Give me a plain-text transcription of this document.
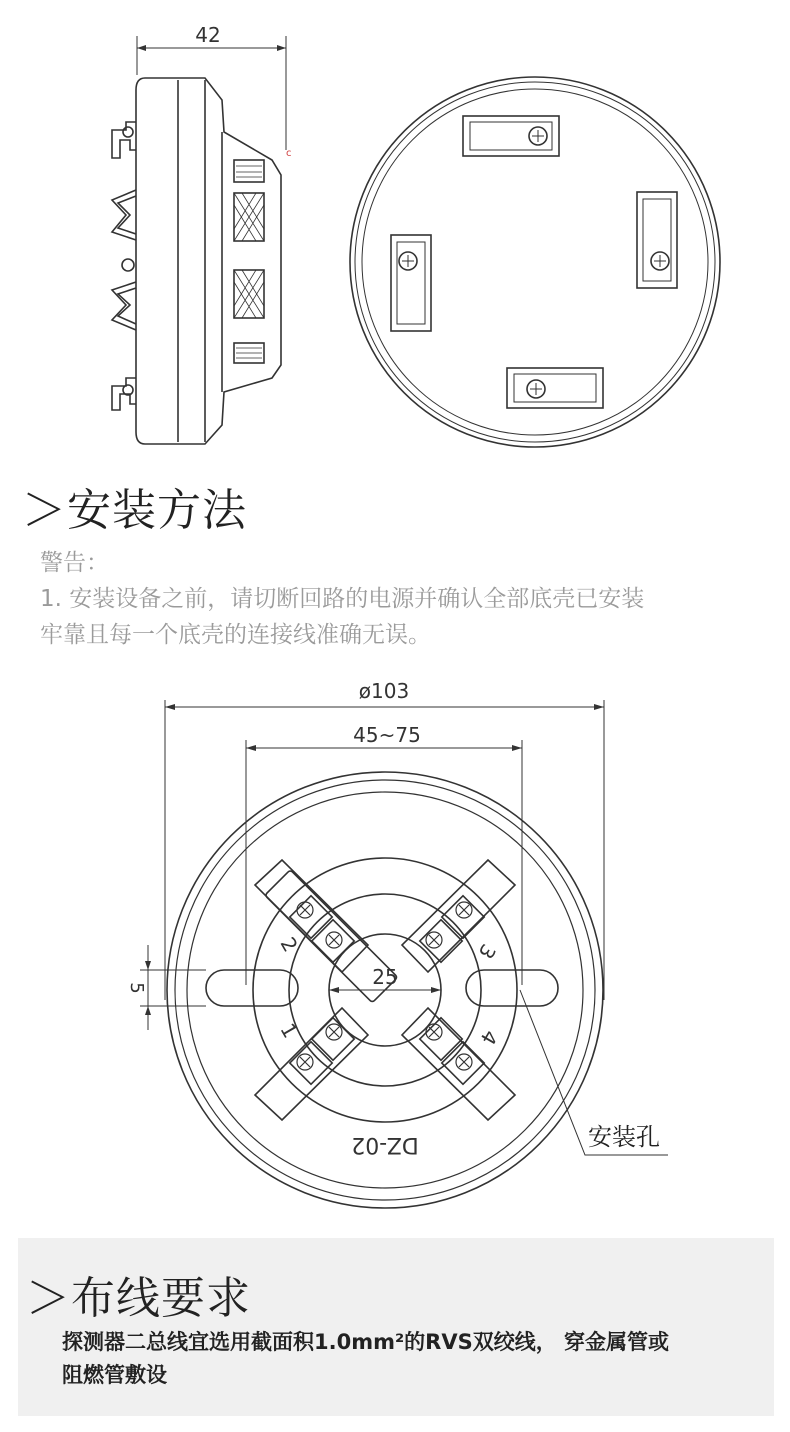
42
c
＞安装方法
警告：
1. 安装设备之前，请切断回路的电源并确认全部底壳已安装
牢靠且每一个底壳的连接线准确无误。
ø103
45~75
25
5
2	3
1	4
DZ-02	安装孔
＞布线要求
探测器二总线宜选用截面积1.0mm²的RVS双绞线， 穿金属管或
阻燃管敷设
